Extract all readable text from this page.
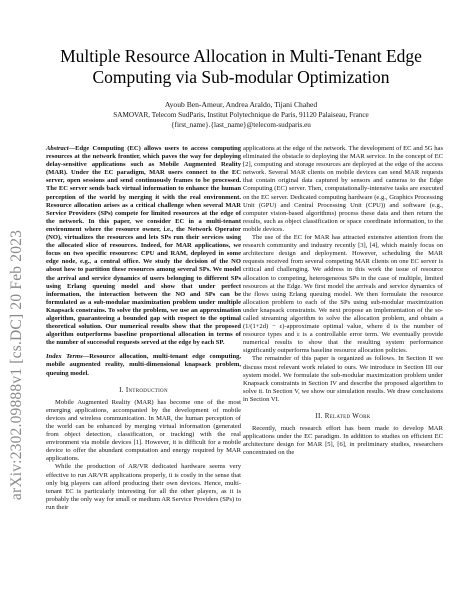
arXiv:2302.09888v1 [cs.DC] 20 Feb 2023
Multiple Resource Allocation in Multi-Tenant Edge
Computing via Sub-modular Optimization
Ayoub Ben-Ameur, Andrea Araldo, Tijani Chahed
SAMOVAR, Telecom SudParis, Institut Polytechnique de Paris, 91120 Palaiseau, France
{first_name}.{last_name}@telecom-sudparis.eu
Abstract—Edge Computing (EC) allows users to access computing resources at the network frontier, which paves the way for deploying delay-sensitive applications such as Mobile Augmented Reality (MAR). Under the EC paradigm, MAR users connect to the EC server, open sessions and send continuously frames to be processed. The EC server sends back virtual information to enhance the human perception of the world by merging it with the real environment. Resource allocation arises as a critical challenge when several MAR Service Providers (SPs) compete for limited resources at the edge of the network. In this paper, we consider EC in a multi-tenant environment where the resource owner, i.e., the Network Operator (NO), virtualizes the resources and lets SPs run their services using the allocated slice of resources. Indeed, for MAR applications, we focus on two specific resources: CPU and RAM, deployed in some edge node, e.g., a central office. We study the decision of the NO about how to partition these resources among several SPs. We model the arrival and service dynamics of users belonging to different SPs using Erlang queuing model and show that under perfect information, the interaction between the NO and SPs can be formulated as a sub-modular maximization problem under multiple Knapsack constrains. To solve the problem, we use an approximation algorithm, guaranteeing a bounded gap with respect to the optimal theoretical solution. Our numerical results show that the proposed algorithm outperforms baseline proportional allocation in terms of the number of successful requests served at the edge by each SP.
Index Terms—Resource allocation, multi-tenant edge computing, mobile augmented reality, multi-dimensional knapsack problem, queuing model.
I. Introduction

Mobile Augmented Reality (MAR) has become one of the most emerging applications, accompanied by the development of mobile devices and wireless communication. In MAR, the human perception of the world can be enhanced by merging virtual information (generated from object detection, classification, or tracking) with the real environment via mobile devices [1]. However, it is difficult for a mobile device to offer the abundant computation and energy required by MAR applications.

While the production of AR/VR dedicated hardware seems very effective to run AR/VR applications properly, it is costly in the sense that only big players can afford producing their own devices. Hence, multi-tenant EC is particularly interesting for all the other players, as it is probably the only way for small or medium AR Service Providers (SPs) to run their

applications at the edge of the network. The development of EC and 5G has eliminated the obstacle to deploying the MAR service. In the concept of EC [2], computing and storage resources are deployed at the edge of the access network. Several MAR clients on mobile devices can send MAR requests that contain original data captured by sensors and cameras to the Edge Computing (EC) server. Then, computationally-intensive tasks are executed on the EC server. Dedicated computing hardware (e.g., Graphics Processing Unit (GPU) and Central Processing Unit (CPU)) and software (e.g., computer vision-based algorithms) process these data and then return the results, such as object classification or space coordinate information, to the mobile devices.

The use of the EC for MAR has attracted extensive attention from the research community and industry recently [3], [4], which mainly focus on architecture design and deployment. However, scheduling the MAR requests received from several competing MAR clients on one EC server is critical and challenging. We address in this work the issue of resource allocation to competing, heterogeneous SPs in the case of multiple, limited resources at the Edge. We first model the arrivals and service dynamics of the flows using Erlang queuing model. We then formulate the resource allocation problem to each of the SPs using sub-modular maximization under knapsack constraints. We next propose an implementation of the so-called streaming algorithm to solve the allocation problem, and obtain a (1/(1+2d) − ε)-approximate optimal value, where d is the number of resource types and ε is a controllable error term. We eventually provide numerical results to show that the resulting system performance significantly outperforms baseline resource allocation policies.

The remainder of this paper is organized as follows. In Section II we discuss most relevant work related to ours. We introduce in Section III our system model. We formulate the sub-modular maximization problem under Knapsack constraints in Section IV and describe the proposed algorithm to solve it. In Section V, we show our simulation results. We draw conclusions in Section VI.

II. Related Work

Recently, much research effort has been made to develop MAR applications under the EC paradigm. In addition to studies on efficient EC architecture design for MAR [5], [6], in preliminary studies, researchers concentrated on the
